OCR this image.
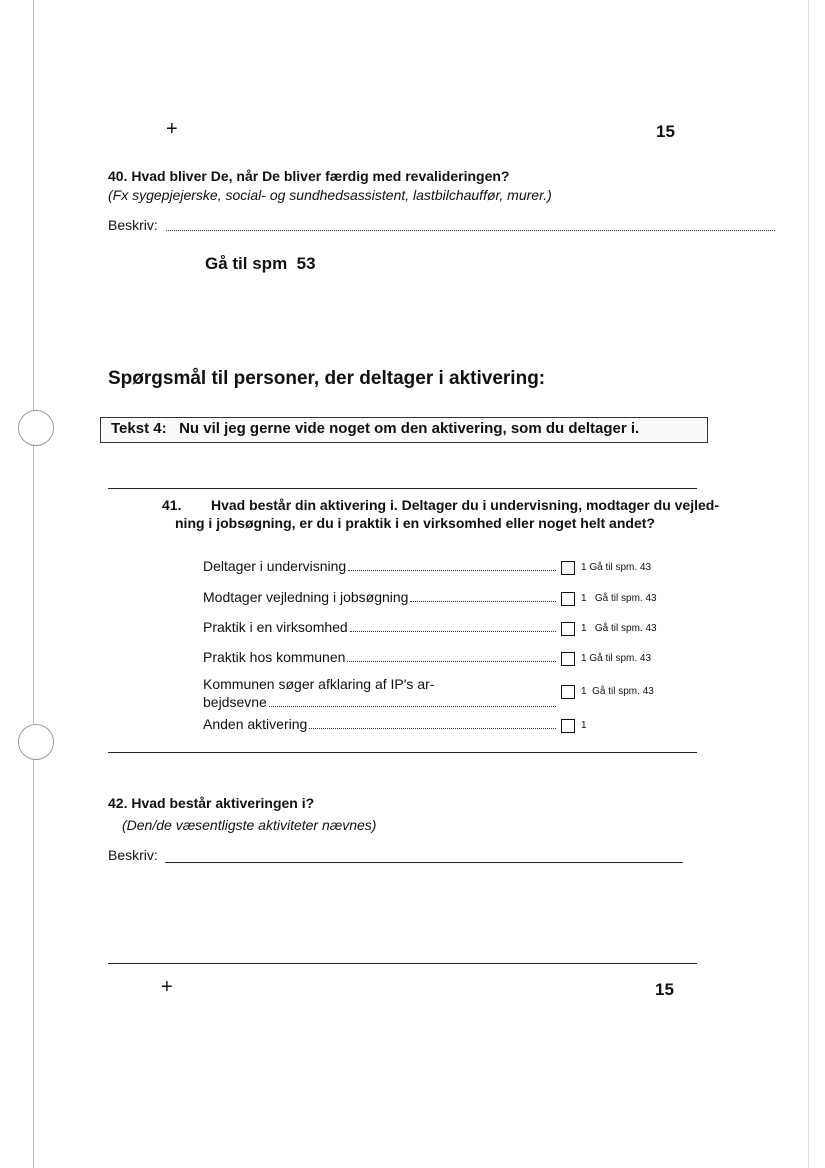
+	15
40. Hvad bliver De, når De bliver færdig med revalideringen?
(Fx sygepjejerske, social- og sundhedsassistent, lastbilchauffør, murer.)
Beskriv:
Gå til spm  53
Spørgsmål til personer, der deltager i aktivering:
Tekst 4:   Nu vil jeg gerne vide noget om den aktivering, som du deltager i.
41. Hvad består din aktivering i. Deltager du i undervisning, modtager du vejled-
ning i jobsøgning, er du i praktik i en virksomhed eller noget helt andet?
Deltager i undervisning	1 Gå til spm. 43
Modtager vejledning i jobsøgning	1 Gå til spm. 43
Praktik i en virksomhed	1 Gå til spm. 43
Praktik hos kommunen	1 Gå til spm. 43
Kommunen søger afklaring af IP's ar-
bejdsevne
1 Gå til spm. 43
Anden aktivering	1
42. Hvad består aktiveringen i?
(Den/de væsentligste aktiviteter nævnes)
Beskriv:
+	15
